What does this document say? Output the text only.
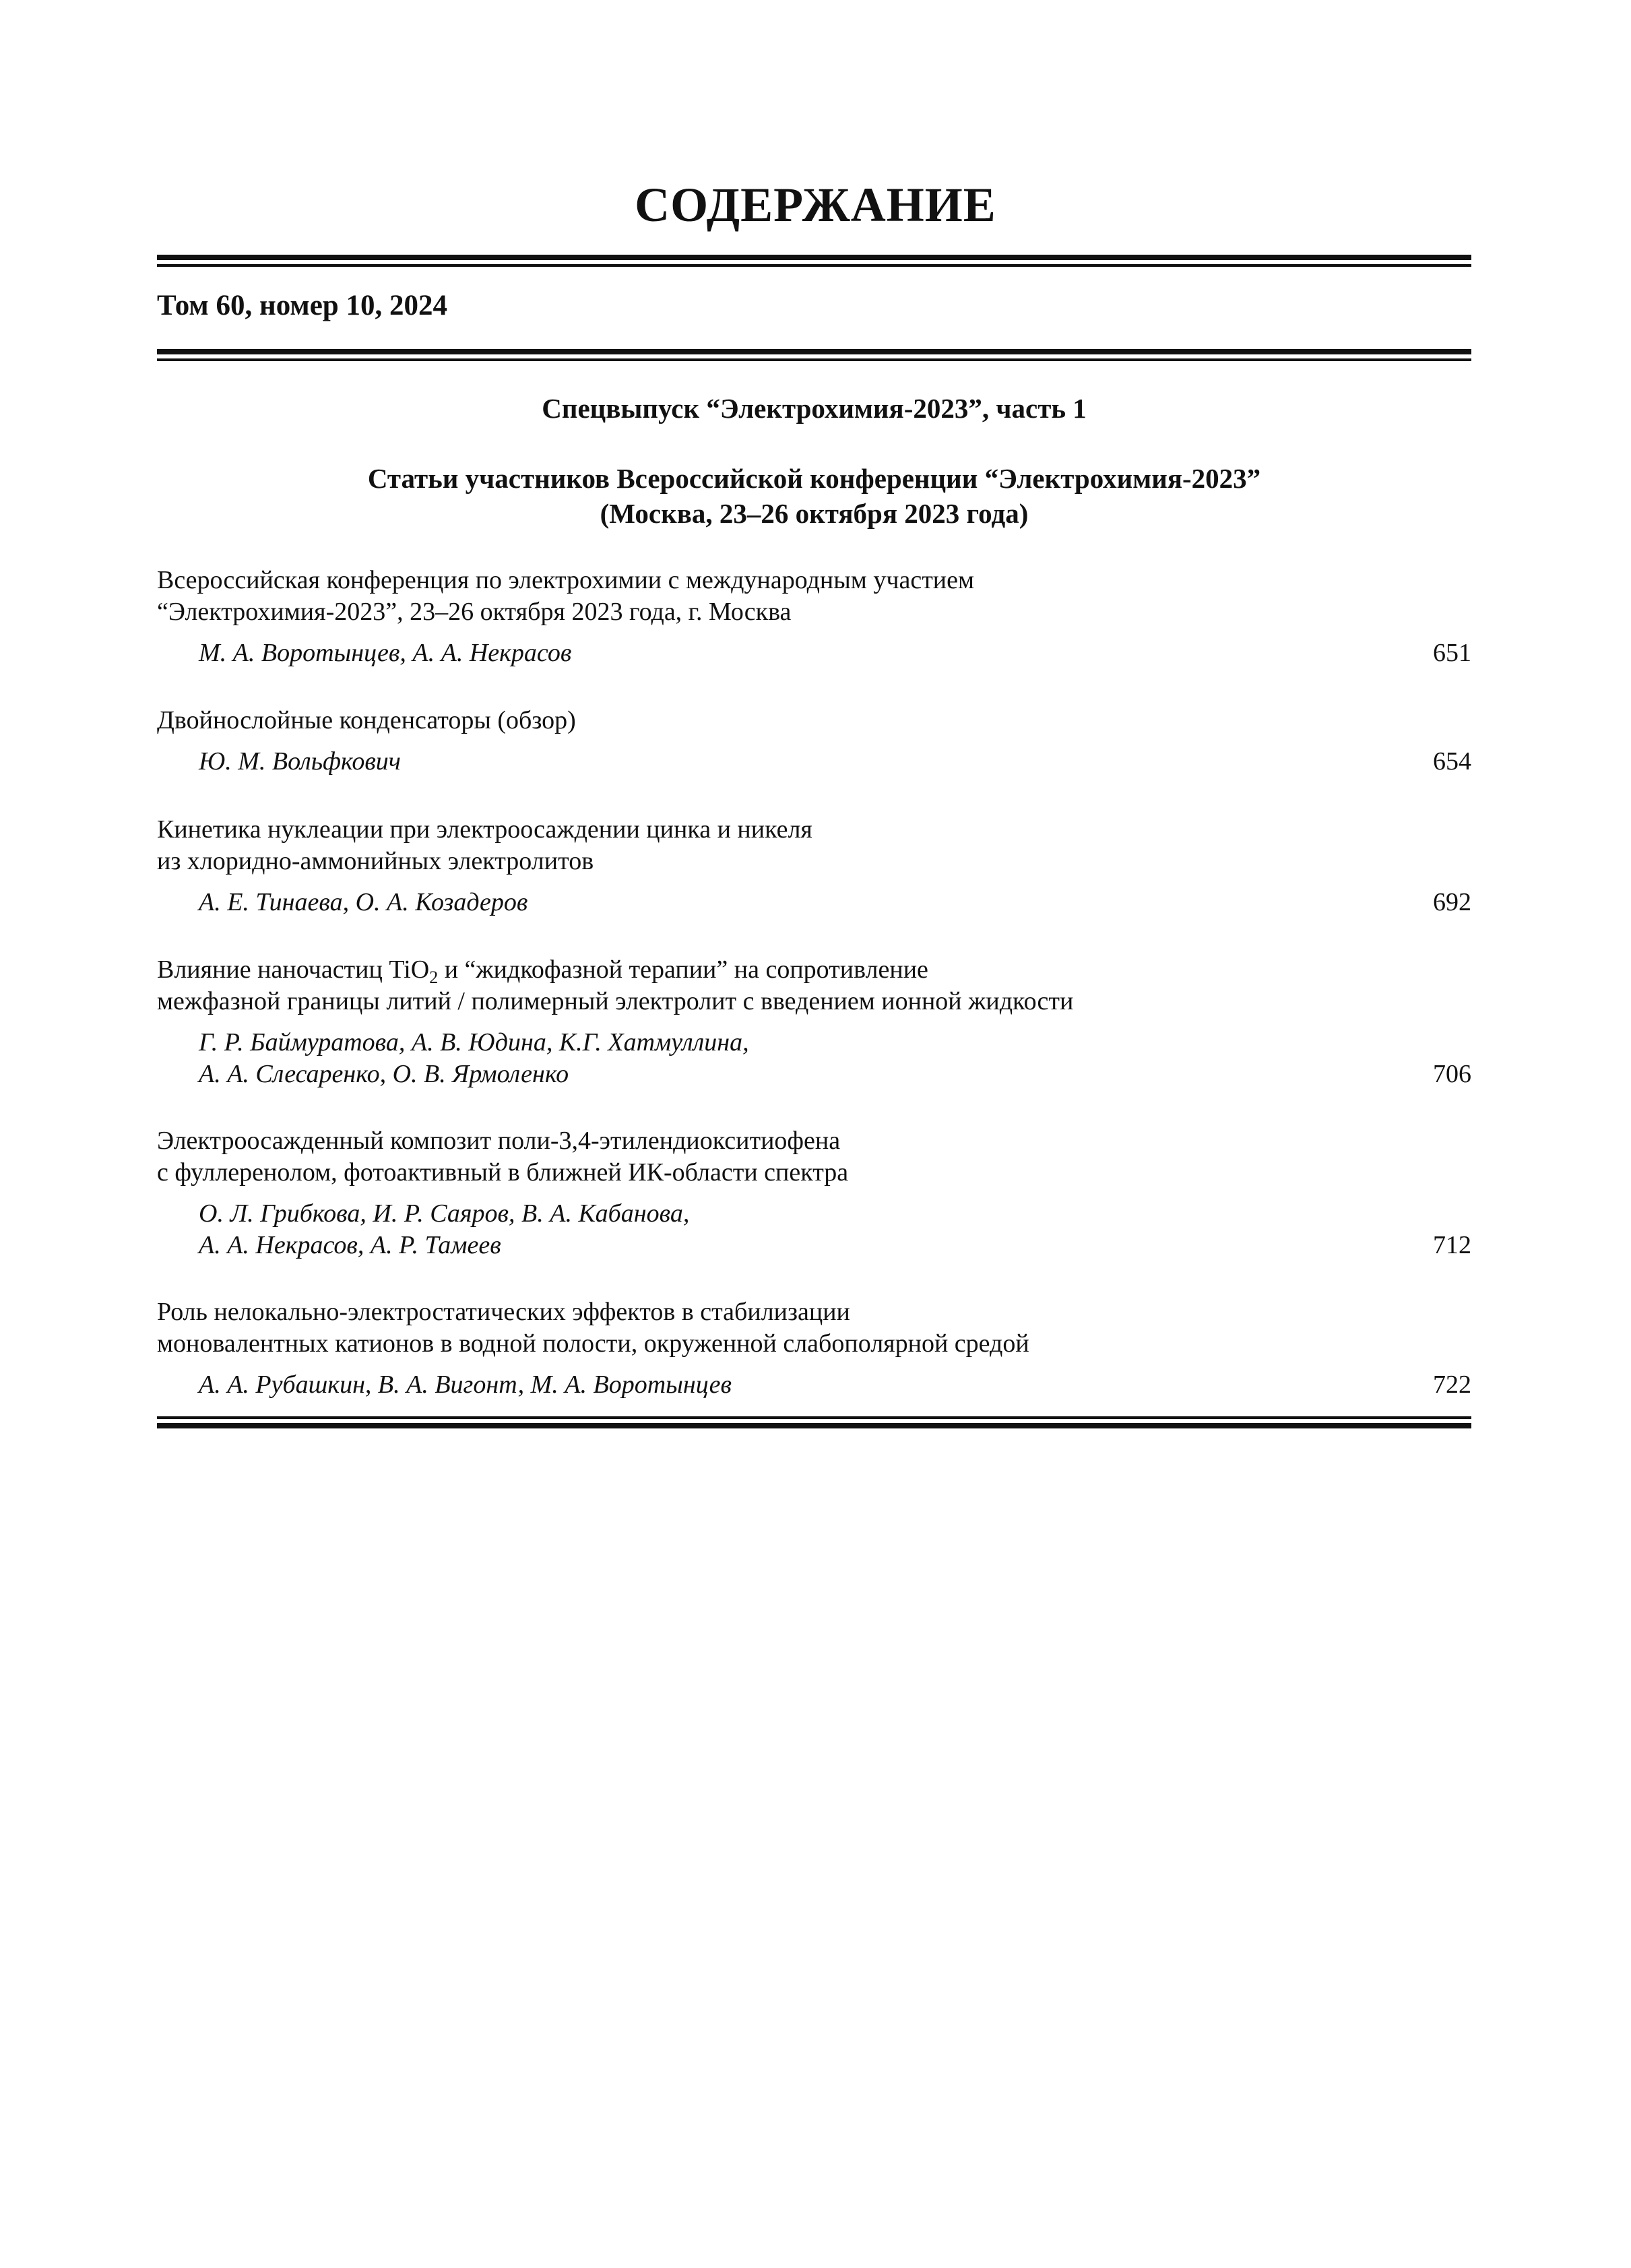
СОДЕРЖАНИЕ
Том 60, номер 10, 2024
Спецвыпуск “Электрохимия-2023”, часть 1
Статьи участников Всероссийской конференции “Электрохимия-2023”
(Москва, 23–26 октября 2023 года)
Всероссийская конференция по электрохимии с международным участием
“Электрохимия-2023”, 23–26 октября 2023 года, г. Москва
М. А. Воротынцев, А. А. Некрасов	651
Двойнослойные конденсаторы (обзор)
Ю. М. Вольфкович	654
Кинетика нуклеации при электроосаждении цинка и никеля
из хлоридно-аммонийных электролитов
А. Е. Тинаева, О. А. Козадеров	692
Влияние наночастиц TiO$_2$ и “жидкофазной терапии” на сопротивление
межфазной границы литий / полимерный электролит с введением ионной жидкости
Г. Р. Баймуратова, А. В. Юдина, К.Г. Хатмуллина,
А. А. Слесаренко, О. В. Ярмоленко	706
Электроосажденный композит поли-3,4-этилендиокситиофена
с фуллеренолом, фотоактивный в ближней ИК-области спектра
О. Л. Грибкова, И. Р. Саяров, В. А. Кабанова,
А. А. Некрасов, А. Р. Тамеев	712
Роль нелокально-электростатических эффектов в стабилизации
моновалентных катионов в водной полости, окруженной слабополярной средой
А. А. Рубашкин, В. А. Вигонт, М. А. Воротынцев	722
